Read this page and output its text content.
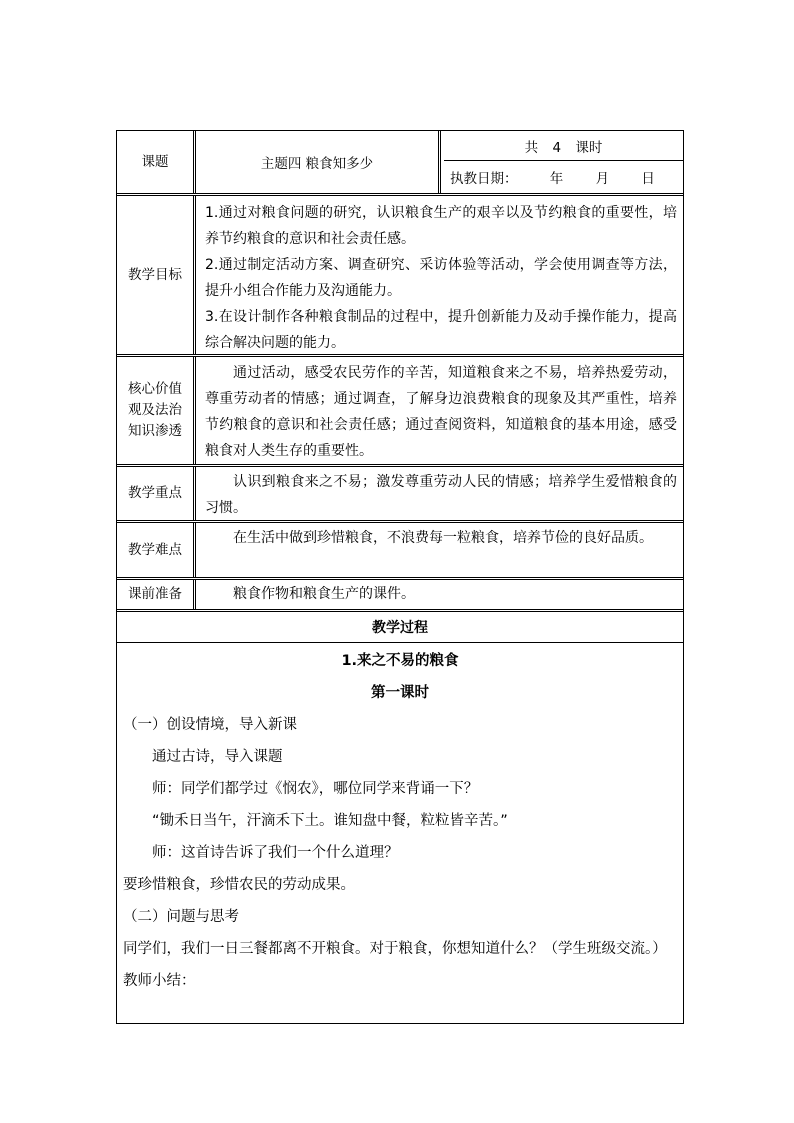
课题	主题四 粮食知多少
共 4 课时
执教日期： 年 月 日
教学目标
1.通过对粮食问题的研究，认识粮食生产的艰辛以及节约粮食的重要性，培养节约粮食的意识和社会责任感。
2.通过制定活动方案、调查研究、采访体验等活动，学会使用调查等方法，提升小组合作能力及沟通能力。
3.在设计制作各种粮食制品的过程中，提升创新能力及动手操作能力，提高综合解决问题的能力。
核心价值观及法治知识渗透
通过活动，感受农民劳作的辛苦，知道粮食来之不易，培养热爱劳动，尊重劳动者的情感；通过调查，了解身边浪费粮食的现象及其严重性，培养节约粮食的意识和社会责任感；通过查阅资料，知道粮食的基本用途，感受粮食对人类生存的重要性。
教学重点
认识到粮食来之不易；激发尊重劳动人民的情感；培养学生爱惜粮食的习惯。
教学难点
在生活中做到珍惜粮食，不浪费每一粒粮食，培养节俭的良好品质。
课前准备	粮食作物和粮食生产的课件。
教学过程

1.来之不易的粮食

第一课时

（一）创设情境，导入新课

通过古诗，导入课题

师：同学们都学过《悯农》，哪位同学来背诵一下？

“锄禾日当午，汗滴禾下土。谁知盘中餐，粒粒皆辛苦。”

师：这首诗告诉了我们一个什么道理？

要珍惜粮食，珍惜农民的劳动成果。

（二）问题与思考

同学们，我们一日三餐都离不开粮食。对于粮食，你想知道什么？（学生班级交流。）

教师小结：
